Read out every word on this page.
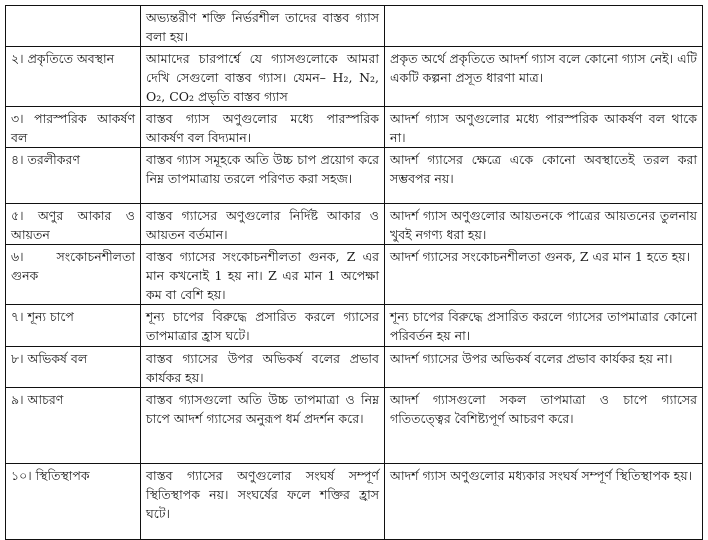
	অভ্যন্তরীণ শক্তি নির্ভরশীল তাদের বাস্তব গ্যাস বলা হয়।	
২। প্রকৃতিতে অবস্থান	আমাদের চারপার্শ্বে যে গ্যাসগুলোকে আমরা দেখি সেগুলো বাস্তব গ্যাস। যেমন– H₂, N₂, O₂, CO₂ প্রভৃতি বাস্তব গ্যাস	প্রকৃত অর্থে প্রকৃতিতে আদর্শ গ্যাস বলে কোনো গ্যাস নেই। এটি একটি কল্পনা প্রসূত ধারণা মাত্র।
৩। পারস্পরিক আকর্ষণ বল	বাস্তব গ্যাস অণুগুলোর মধ্যে পারস্পরিক আকর্ষণ বল বিদ্যমান।	আদর্শ গ্যাস অণুগুলোর মধ্যে পারস্পরিক আকর্ষণ বল থাকে না।
৪। তরলীকরণ	বাস্তব গ্যাস সমূহকে অতি উচ্চ চাপ প্রয়োগ করে নিম্ন তাপমাত্রায় তরলে পরিণত করা সহজ।	আদর্শ গ্যাসের ক্ষেত্রে একে কোনো অবস্থাতেই তরল করা সম্ভবপর নয়।
৫। অণুর আকার ও আয়তন	বাস্তব গ্যাসের অণুগুলোর নির্দিষ্ট আকার ও আয়তন বর্তমান।	আদর্শ গ্যাস অণুগুলোর আয়তনকে পাত্রের আয়তনের তুলনায় খুবই নগণ্য ধরা হয়।
৬। সংকোচনশীলতা গুনক	বাস্তব গ্যাসের সংকোচনশীলতা গুনক, Z এর মান কখনোই 1 হয় না। Z এর মান 1 অপেক্ষা কম বা বেশি হয়।	আদর্শ গ্যাসের সংকোচনশীলতা গুনক, Z এর মান 1 হতে হয়।
৭। শূন্য চাপে	শূন্য চাপের বিরুদ্ধে প্রসারিত করলে গ্যাসের তাপমাত্রার হ্রাস ঘটে।	শূন্য চাপের বিরুদ্ধে প্রসারিত করলে গ্যাসের তাপমাত্রার কোনো পরিবর্তন হয় না।
৮। অভিকর্ষ বল	বাস্তব গ্যাসের উপর অভিকর্ষ বলের প্রভাব কার্যকর হয়।	আদর্শ গ্যাসের উপর অভিকর্ষ বলের প্রভাব কার্যকর হয় না।
৯। আচরণ	বাস্তব গ্যাসগুলো অতি উচ্চ তাপমাত্রা ও নিম্ন চাপে আদর্শ গ্যাসের অনুরূপ ধর্ম প্রদর্শন করে।	আদর্শ গ্যাসগুলো সকল তাপমাত্রা ও চাপে গ্যাসের গতিতত্ত্বের বৈশিষ্ট্যপূর্ণ আচরণ করে।
১০। স্থিতিস্থাপক	বাস্তব গ্যাসের অণুগুলোর সংঘর্ষ সম্পূর্ণ স্থিতিস্থাপক নয়। সংঘর্ষের ফলে শক্তির হ্রাস ঘটে।	আদর্শ গ্যাস অণুগুলোর মধ্যকার সংঘর্ষ সম্পূর্ণ স্থিতিস্থাপক হয়।
